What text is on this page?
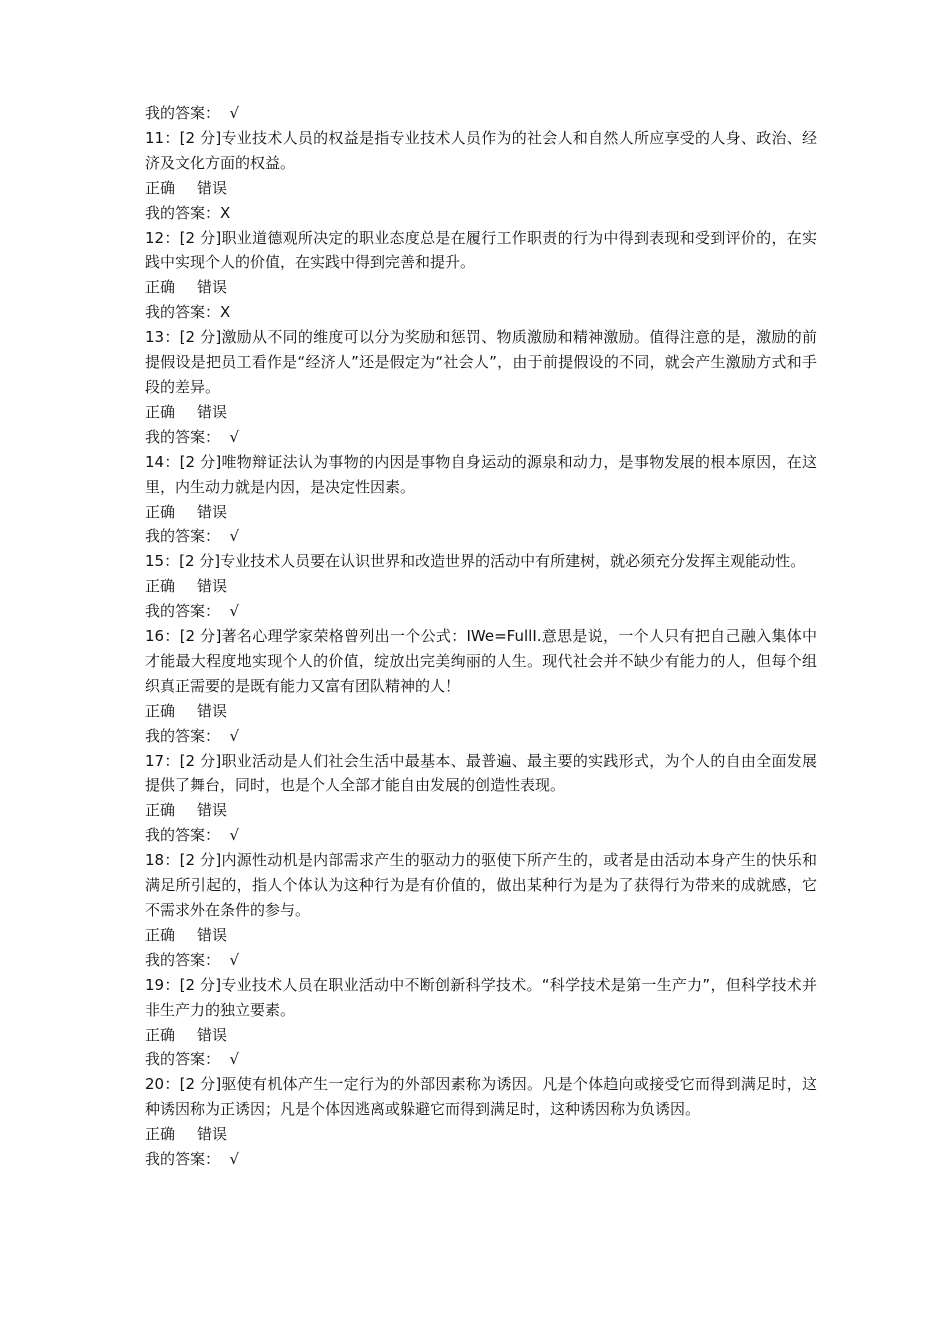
我的答案：  √
11：[2 分]专业技术人员的权益是指专业技术人员作为的社会人和自然人所应享受的人身、政治、经济及文化方面的权益。
正确 错误
我的答案：X
12：[2 分]职业道德观所决定的职业态度总是在履行工作职责的行为中得到表现和受到评价的，在实践中实现个人的价值，在实践中得到完善和提升。
正确 错误
我的答案：X
13：[2 分]激励从不同的维度可以分为奖励和惩罚、物质激励和精神激励。值得注意的是，激励的前提假设是把员工看作是“经济人”还是假定为“社会人”，由于前提假设的不同，就会产生激励方式和手段的差异。
正确 错误
我的答案：  √
14：[2 分]唯物辩证法认为事物的内因是事物自身运动的源泉和动力，是事物发展的根本原因，在这里，内生动力就是内因，是决定性因素。
正确 错误
我的答案：  √
15：[2 分]专业技术人员要在认识世界和改造世界的活动中有所建树，就必须充分发挥主观能动性。
正确 错误
我的答案：  √
16：[2 分]著名心理学家荣格曾列出一个公式：IWe=FullI.意思是说，一个人只有把自己融入集体中才能最大程度地实现个人的价值，绽放出完美绚丽的人生。现代社会并不缺少有能力的人，但每个组织真正需要的是既有能力又富有团队精神的人！
正确 错误
我的答案：  √
17：[2 分]职业活动是人们社会生活中最基本、最普遍、最主要的实践形式，为个人的自由全面发展提供了舞台，同时，也是个人全部才能自由发展的创造性表现。
正确 错误
我的答案：  √
18：[2 分]内源性动机是内部需求产生的驱动力的驱使下所产生的，或者是由活动本身产生的快乐和满足所引起的，指人个体认为这种行为是有价值的，做出某种行为是为了获得行为带来的成就感，它不需求外在条件的参与。
正确 错误
我的答案：  √
19：[2 分]专业技术人员在职业活动中不断创新科学技术。“科学技术是第一生产力”，但科学技术并非生产力的独立要素。
正确 错误
我的答案：  √
20：[2 分]驱使有机体产生一定行为的外部因素称为诱因。凡是个体趋向或接受它而得到满足时，这种诱因称为正诱因；凡是个体因逃离或躲避它而得到满足时，这种诱因称为负诱因。
正确 错误
我的答案：  √
